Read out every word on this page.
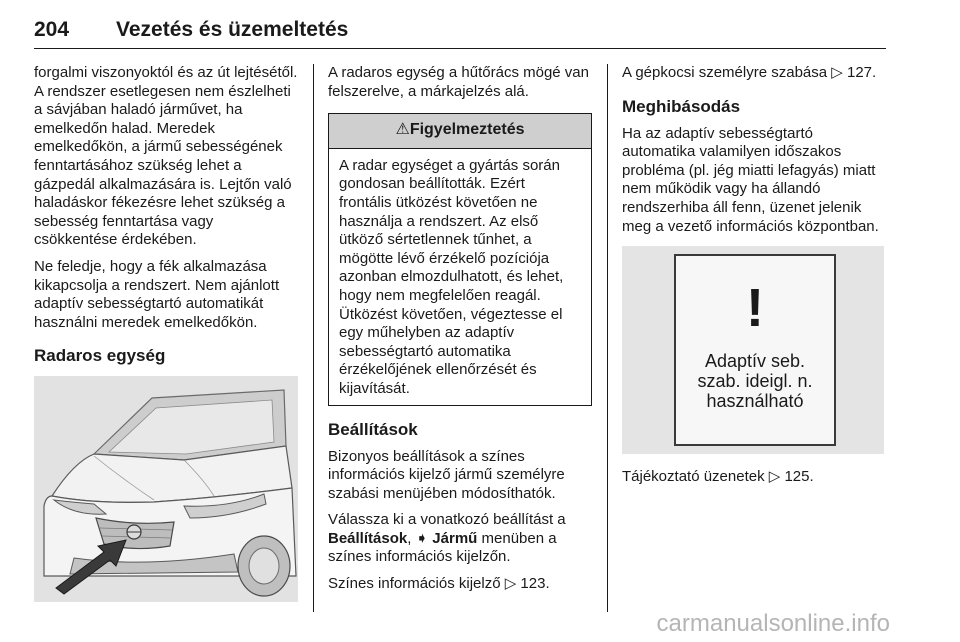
204 Vezetés és üzemeltetés

forgalmi viszonyoktól és az út lejtésétől. A rendszer esetlegesen nem észlelheti a sávjában haladó járművet, ha emelkedőn halad. Meredek emelkedőkön, a jármű sebességének fenntartásához szükség lehet a gázpedál alkalmazására is. Lejtőn való haladáskor fékezésre lehet szükség a sebesség fenntartása vagy csökkentése érdekében.

Ne feledje, hogy a fék alkalmazása kikapcsolja a rendszert. Nem ajánlott adaptív sebességtartó automatikát használni meredek emelkedőkön.

Radaros egység

A radaros egység a hűtőrács mögé van felszerelve, a márkajelzés alá.

⚠Figyelmeztetés
A radar egységet a gyártás során gondosan beállították. Ezért frontális ütközést követően ne használja a rendszert. Az első ütköző sértetlennek tűnhet, a mögötte lévő érzékelő pozíciója azonban elmozdulhatott, és lehet, hogy nem megfelelően reagál. Ütközést követően, végeztesse el egy műhelyben az adaptív sebességtartó automatika érzékelőjének ellenőrzését és kijavítását.
Beállítások

Bizonyos beállítások a színes információs kijelző jármű személyre szabási menüjében módosíthatók.

Válassza ki a vonatkozó beállítást a Beállítások, ➧ Jármű menüben a színes információs kijelzőn.

Színes információs kijelző ▷ 123.

A gépkocsi személyre szabása ▷ 127.

Meghibásodás

Ha az adaptív sebességtartó automatika valamilyen időszakos probléma (pl. jég miatti lefagyás) miatt nem működik vagy ha állandó rendszerhiba áll fenn, üzenet jelenik meg a vezető információs központban.

!
Adaptív seb.
szab. ideigl. n.
használható

Tájékoztató üzenetek ▷ 125.

carmanualsonline.info
